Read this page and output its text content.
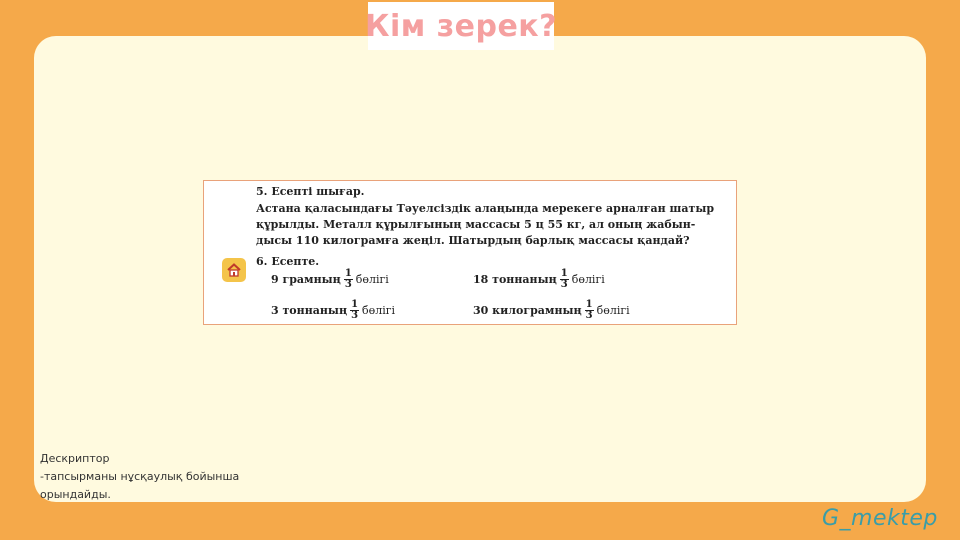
Кім зерек?
5. Есепті шығар.
Астана қаласындағы Тәуелсіздік алаңында мерекеге арналған шатыр
құрылды. Металл құрылғының массасы 5 ц 55 кг, ал оның жабын-
дысы 110 килограмға жеңіл. Шатырдың барлық массасы қандай?
6. Есепте.
9 грамның $\frac{1}{3}$ бөлігі	18 тоннаның $\frac{1}{3}$ бөлігі
3 тоннаның $\frac{1}{3}$ бөлігі	30 килограмның $\frac{1}{3}$ бөлігі
Дескриптор
-тапсырманы нұсқаулық бойынша
орындайды.
G_mektep
